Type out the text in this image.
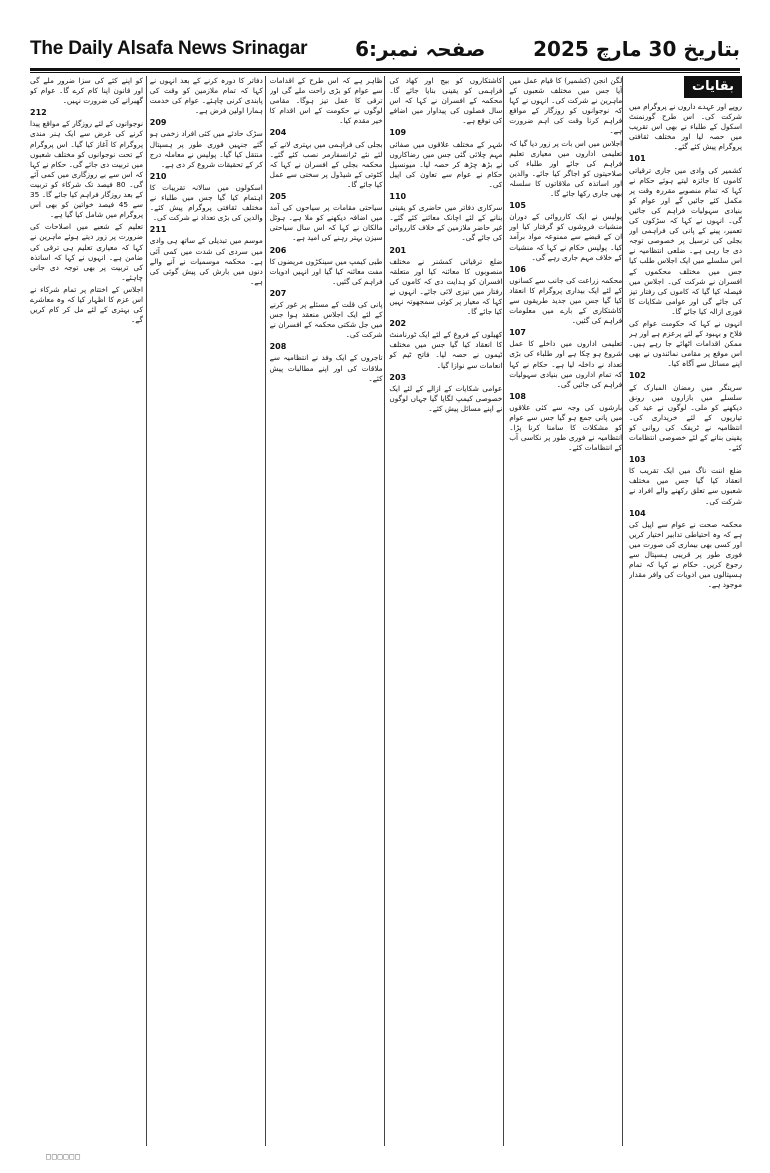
The Daily Alsafa News Srinagar صفحہ نمبر:6 بتاریخ 30 مارچ 2025
بقایات
روپے اور عہدے داروں نے پروگرام میں شرکت کی۔ اس طرح گورنمنٹ اسکول کے طلباء نے بھی اس تقریب میں حصہ لیا اور مختلف ثقافتی پروگرام پیش کئے گئے۔
101
کشمیر کی وادی میں جاری ترقیاتی کاموں کا جائزہ لیتے ہوئے حکام نے کہا کہ تمام منصوبے مقررہ وقت پر مکمل کئے جائیں گے اور عوام کو بنیادی سہولیات فراہم کی جائیں گی۔ انہوں نے کہا کہ سڑکوں کی تعمیر، پینے کے پانی کی فراہمی اور بجلی کی ترسیل پر خصوصی توجہ دی جا رہی ہے۔ ضلعی انتظامیہ نے اس سلسلے میں ایک اجلاس طلب کیا جس میں مختلف محکموں کے افسران نے شرکت کی۔ اجلاس میں فیصلہ کیا گیا کہ کاموں کی رفتار تیز کی جائے گی اور عوامی شکایات کا فوری ازالہ کیا جائے گا۔
انہوں نے کہا کہ حکومت عوام کی فلاح و بہبود کے لئے پرعزم ہے اور ہر ممکن اقدامات اٹھائے جا رہے ہیں۔ اس موقع پر مقامی نمائندوں نے بھی اپنے مسائل سے آگاہ کیا۔
102
سرینگر میں رمضان المبارک کے سلسلے میں بازاروں میں رونق دیکھنے کو ملی۔ لوگوں نے عید کی تیاریوں کے لئے خریداری کی۔ انتظامیہ نے ٹریفک کی روانی کو یقینی بنانے کے لئے خصوصی انتظامات کئے۔
103
ضلع اننت ناگ میں ایک تقریب کا انعقاد کیا گیا جس میں مختلف شعبوں سے تعلق رکھنے والے افراد نے شرکت کی۔
104
محکمہ صحت نے عوام سے اپیل کی ہے کہ وہ احتیاطی تدابیر اختیار کریں اور کسی بھی بیماری کی صورت میں فوری طور پر قریبی ہسپتال سے رجوع کریں۔ حکام نے کہا کہ تمام ہسپتالوں میں ادویات کی وافر مقدار موجود ہے۔
لگن انجن (کشمیر) کا قیام عمل میں آیا جس میں مختلف شعبوں کے ماہرین نے شرکت کی۔ انہوں نے کہا کہ نوجوانوں کو روزگار کے مواقع فراہم کرنا وقت کی اہم ضرورت ہے۔
اجلاس میں اس بات پر زور دیا گیا کہ تعلیمی اداروں میں معیاری تعلیم فراہم کی جائے اور طلباء کی صلاحیتوں کو اجاگر کیا جائے۔ والدین اور اساتذہ کی ملاقاتوں کا سلسلہ بھی جاری رکھا جائے گا۔
105
پولیس نے ایک کارروائی کے دوران منشیات فروشوں کو گرفتار کیا اور ان کے قبضے سے ممنوعہ مواد برآمد کیا۔ پولیس حکام نے کہا کہ منشیات کے خلاف مہم جاری رہے گی۔
106
محکمہ زراعت کی جانب سے کسانوں کے لئے ایک بیداری پروگرام کا انعقاد کیا گیا جس میں جدید طریقوں سے کاشتکاری کے بارے میں معلومات فراہم کی گئیں۔
107
تعلیمی اداروں میں داخلے کا عمل شروع ہو چکا ہے اور طلباء کی بڑی تعداد نے داخلہ لیا ہے۔ حکام نے کہا کہ تمام اداروں میں بنیادی سہولیات فراہم کی جائیں گی۔
108
بارشوں کی وجہ سے کئی علاقوں میں پانی جمع ہو گیا جس سے عوام کو مشکلات کا سامنا کرنا پڑا۔ انتظامیہ نے فوری طور پر نکاسی آب کے انتظامات کئے۔
کاشتکاروں کو بیج اور کھاد کی فراہمی کو یقینی بنایا جائے گا۔ محکمہ کے افسران نے کہا کہ اس سال فصلوں کی پیداوار میں اضافے کی توقع ہے۔
109
شہر کے مختلف علاقوں میں صفائی مہم چلائی گئی جس میں رضاکاروں نے بڑھ چڑھ کر حصہ لیا۔ میونسپل حکام نے عوام سے تعاون کی اپیل کی۔
110
سرکاری دفاتر میں حاضری کو یقینی بنانے کے لئے اچانک معائنے کئے گئے۔ غیر حاضر ملازمین کے خلاف کارروائی کی جائے گی۔
201
ضلع ترقیاتی کمشنر نے مختلف منصوبوں کا معائنہ کیا اور متعلقہ افسران کو ہدایت دی کہ کاموں کی رفتار میں تیزی لائی جائے۔ انہوں نے کہا کہ معیار پر کوئی سمجھوتہ نہیں کیا جائے گا۔
202
کھیلوں کے فروغ کے لئے ایک ٹورنامنٹ کا انعقاد کیا گیا جس میں مختلف ٹیموں نے حصہ لیا۔ فاتح ٹیم کو انعامات سے نوازا گیا۔
203
عوامی شکایات کے ازالے کے لئے ایک خصوصی کیمپ لگایا گیا جہاں لوگوں نے اپنے مسائل پیش کئے۔
ظاہر ہے کہ اس طرح کے اقدامات سے عوام کو بڑی راحت ملے گی اور ترقی کا عمل تیز ہوگا۔ مقامی لوگوں نے حکومت کے اس اقدام کا خیر مقدم کیا۔
204
بجلی کی فراہمی میں بہتری لانے کے لئے نئے ٹرانسفارمر نصب کئے گئے۔ محکمہ بجلی کے افسران نے کہا کہ کٹوتی کے شیڈول پر سختی سے عمل کیا جائے گا۔
205
سیاحتی مقامات پر سیاحوں کی آمد میں اضافہ دیکھنے کو ملا ہے۔ ہوٹل مالکان نے کہا کہ اس سال سیاحتی سیزن بہتر رہنے کی امید ہے۔
206
طبی کیمپ میں سینکڑوں مریضوں کا مفت معائنہ کیا گیا اور انہیں ادویات فراہم کی گئیں۔
207
پانی کی قلت کے مسئلے پر غور کرنے کے لئے ایک اجلاس منعقد ہوا جس میں جل شکتی محکمہ کے افسران نے شرکت کی۔
208
تاجروں کے ایک وفد نے انتظامیہ سے ملاقات کی اور اپنے مطالبات پیش کئے۔
دفاتر کا دورہ کرنے کے بعد انہوں نے کہا کہ تمام ملازمین کو وقت کی پابندی کرنی چاہئے۔ عوام کی خدمت ہمارا اولین فرض ہے۔
209
سڑک حادثے میں کئی افراد زخمی ہو گئے جنہیں فوری طور پر ہسپتال منتقل کیا گیا۔ پولیس نے معاملہ درج کر کے تحقیقات شروع کر دی ہے۔
210
اسکولوں میں سالانہ تقریبات کا اہتمام کیا گیا جس میں طلباء نے مختلف ثقافتی پروگرام پیش کئے۔ والدین کی بڑی تعداد نے شرکت کی۔
211
موسم میں تبدیلی کے ساتھ ہی وادی میں سردی کی شدت میں کمی آئی ہے۔ محکمہ موسمیات نے آنے والے دنوں میں بارش کی پیش گوئی کی ہے۔
کو اپنے کئے کی سزا ضرور ملے گی اور قانون اپنا کام کرے گا۔ عوام کو گھبرانے کی ضرورت نہیں۔
212
نوجوانوں کے لئے روزگار کے مواقع پیدا کرنے کی غرض سے ایک ہنر مندی پروگرام کا آغاز کیا گیا۔ اس پروگرام کے تحت نوجوانوں کو مختلف شعبوں میں تربیت دی جائے گی۔ حکام نے کہا کہ اس سے بے روزگاری میں کمی آئے گی۔ 80 فیصد تک شرکاء کو تربیت کے بعد روزگار فراہم کیا جائے گا۔ 35 سے 45 فیصد خواتین کو بھی اس پروگرام میں شامل کیا گیا ہے۔
تعلیم کے شعبے میں اصلاحات کی ضرورت پر زور دیتے ہوئے ماہرین نے کہا کہ معیاری تعلیم ہی ترقی کی ضامن ہے۔ انہوں نے کہا کہ اساتذہ کی تربیت پر بھی توجہ دی جانی چاہئے۔
اجلاس کے اختتام پر تمام شرکاء نے اس عزم کا اظہار کیا کہ وہ معاشرے کی بہتری کے لئے مل کر کام کریں گے۔
□□□□□□
